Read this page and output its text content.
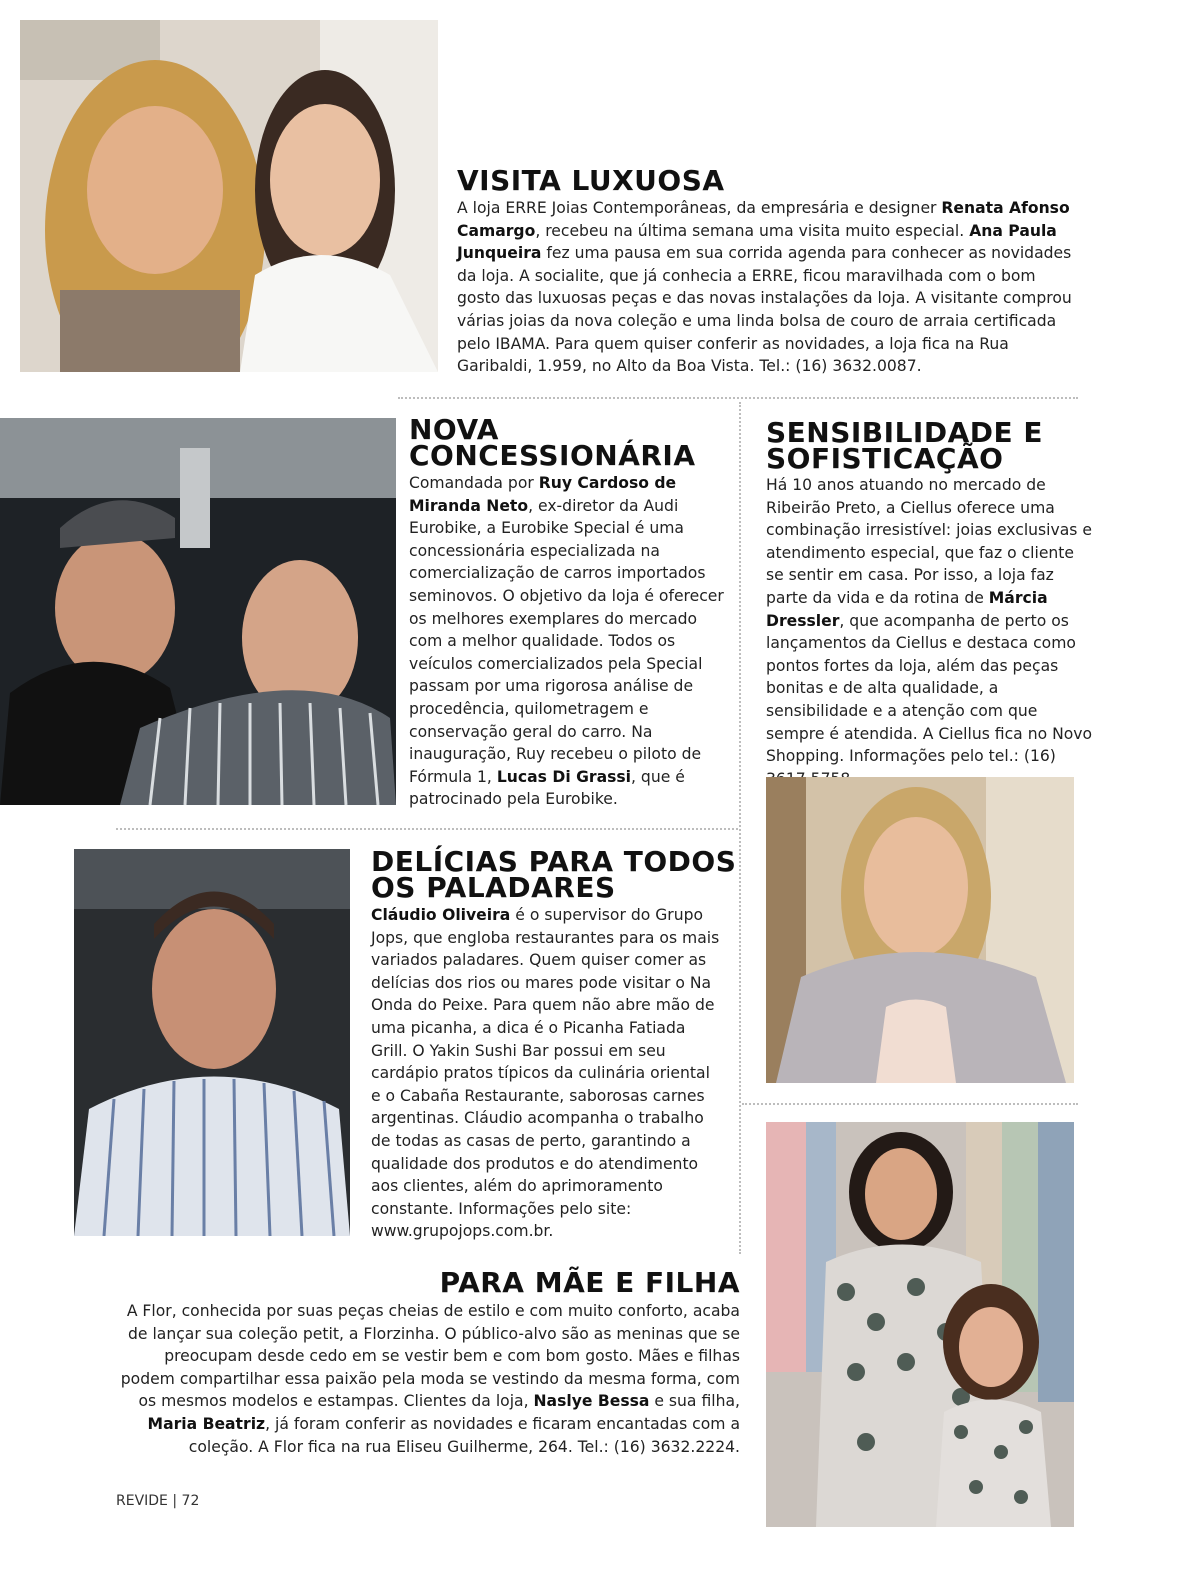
VISITA LUXUOSA

A loja ERRE Joias Contemporâneas, da empresária e designer Renata Afonso Camargo, recebeu na última semana uma visita muito especial. Ana Paula Junqueira fez uma pausa em sua corrida agenda para conhecer as novidades da loja. A socialite, que já conhecia a ERRE, ficou maravilhada com o bom gosto das luxuosas peças e das novas instalações da loja. A visitante comprou várias joias da nova coleção e uma linda bolsa de couro de arraia certificada pelo IBAMA. Para quem quiser conferir as novidades, a loja fica na Rua Garibaldi, 1.959, no Alto da Boa Vista. Tel.: (16) 3632.0087.

NOVA
CONCESSIONÁRIA

Comandada por Ruy Cardoso de Miranda Neto, ex-diretor da Audi Eurobike, a Eurobike Special é uma concessionária especializada na comercialização de carros importados seminovos. O objetivo da loja é oferecer os melhores exemplares do mercado com a melhor qualidade. Todos os veículos comercializados pela Special passam por uma rigorosa análise de procedência, quilometragem e conservação geral do carro. Na inauguração, Ruy recebeu o piloto de Fórmula 1, Lucas Di Grassi, que é patrocinado pela Eurobike.

SENSIBILIDADE E
SOFISTICAÇÃO

Há 10 anos atuando no mercado de Ribeirão Preto, a Ciellus oferece uma combinação irresistível: joias exclusivas e atendimento especial, que faz o cliente se sentir em casa. Por isso, a loja faz parte da vida e da rotina de Márcia Dressler, que acompanha de perto os lançamentos da Ciellus e destaca como pontos fortes da loja, além das peças bonitas e de alta qualidade, a sensibilidade e a atenção com que sempre é atendida. A Ciellus fica no Novo Shopping. Informações pelo tel.: (16)

DELÍCIAS PARA TODOS
OS PALADARES

Cláudio Oliveira é o supervisor do Grupo Jops, que engloba restaurantes para os mais variados paladares. Quem quiser comer as delícias dos rios ou mares pode visitar o Na Onda do Peixe. Para quem não abre mão de uma picanha, a dica é o Picanha Fatiada Grill. O Yakin Sushi Bar possui em seu cardápio pratos típicos da culinária oriental e o Cabaña Restaurante, saborosas carnes argentinas. Cláudio acompanha o trabalho de todas as casas de perto, garantindo a qualidade dos produtos e do atendimento aos clientes, além do aprimoramento constante. Informações pelo site: www.grupojops.com.br.

PARA MÃE E FILHA

A Flor, conhecida por suas peças cheias de estilo e com muito conforto, acaba de lançar sua coleção petit, a Florzinha. O público-alvo são as meninas que se preocupam desde cedo em se vestir bem e com bom gosto. Mães e filhas podem compartilhar essa paixão pela moda se vestindo da mesma forma, com os mesmos modelos e estampas. Clientes da loja, Naslye Bessa e sua filha, Maria Beatriz, já foram conferir as novidades e ficaram encantadas com a coleção. A Flor fica na rua Eliseu Guilherme, 264. Tel.: (16) 3632.2224.

REVIDE | 72
